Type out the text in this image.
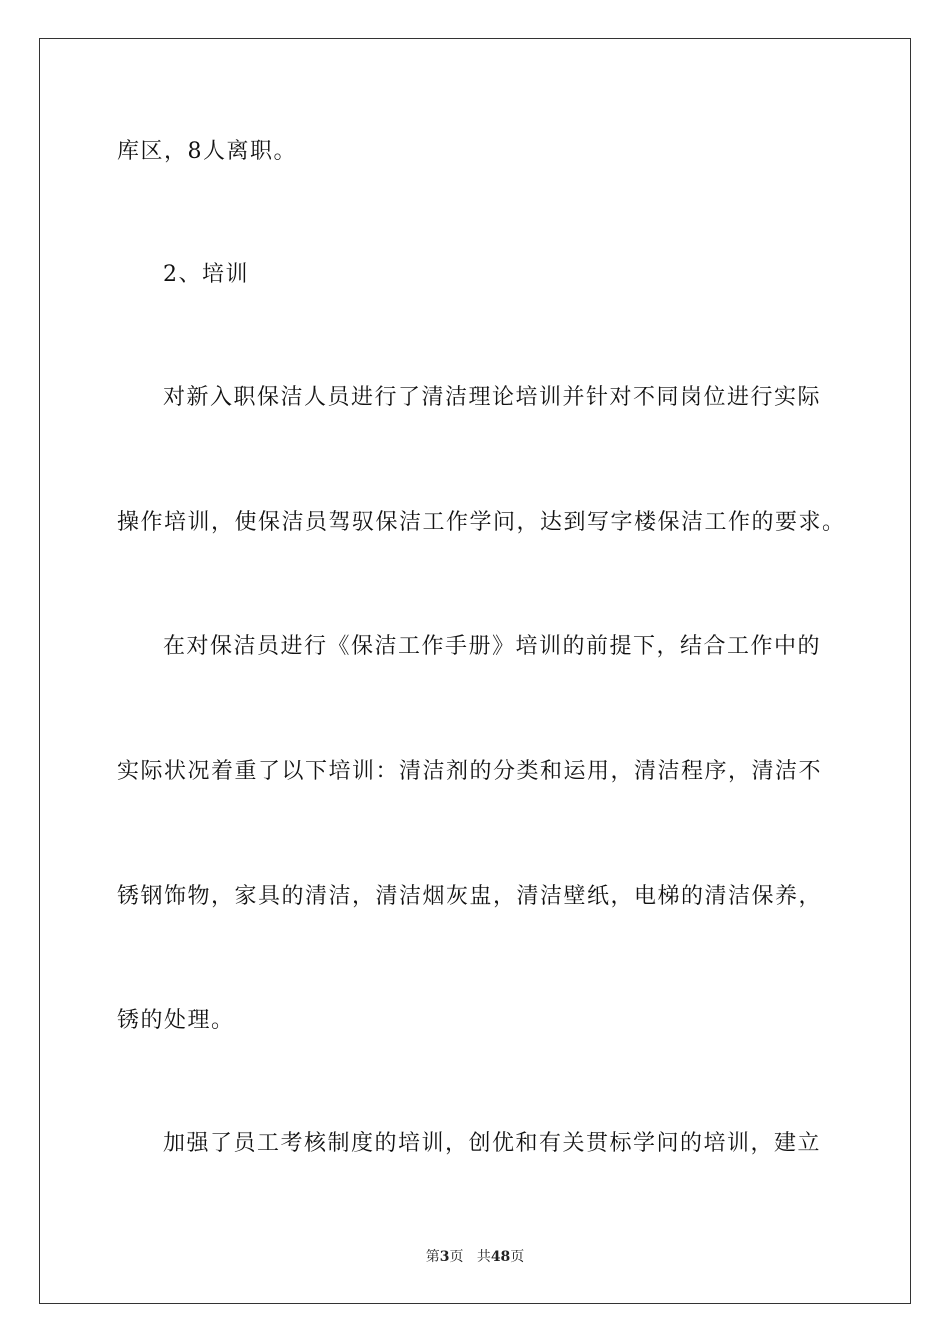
库区，8人离职。
2、培训
对新入职保洁人员进行了清洁理论培训并针对不同岗位进行实际
操作培训，使保洁员驾驭保洁工作学问，达到写字楼保洁工作的要求。
在对保洁员进行《保洁工作手册》培训的前提下，结合工作中的
实际状况着重了以下培训：清洁剂的分类和运用，清洁程序，清洁不
锈钢饰物，家具的清洁，清洁烟灰盅，清洁壁纸，电梯的清洁保养，
锈的处理。
加强了员工考核制度的培训，创优和有关贯标学问的培训，建立
第3页 共48页
